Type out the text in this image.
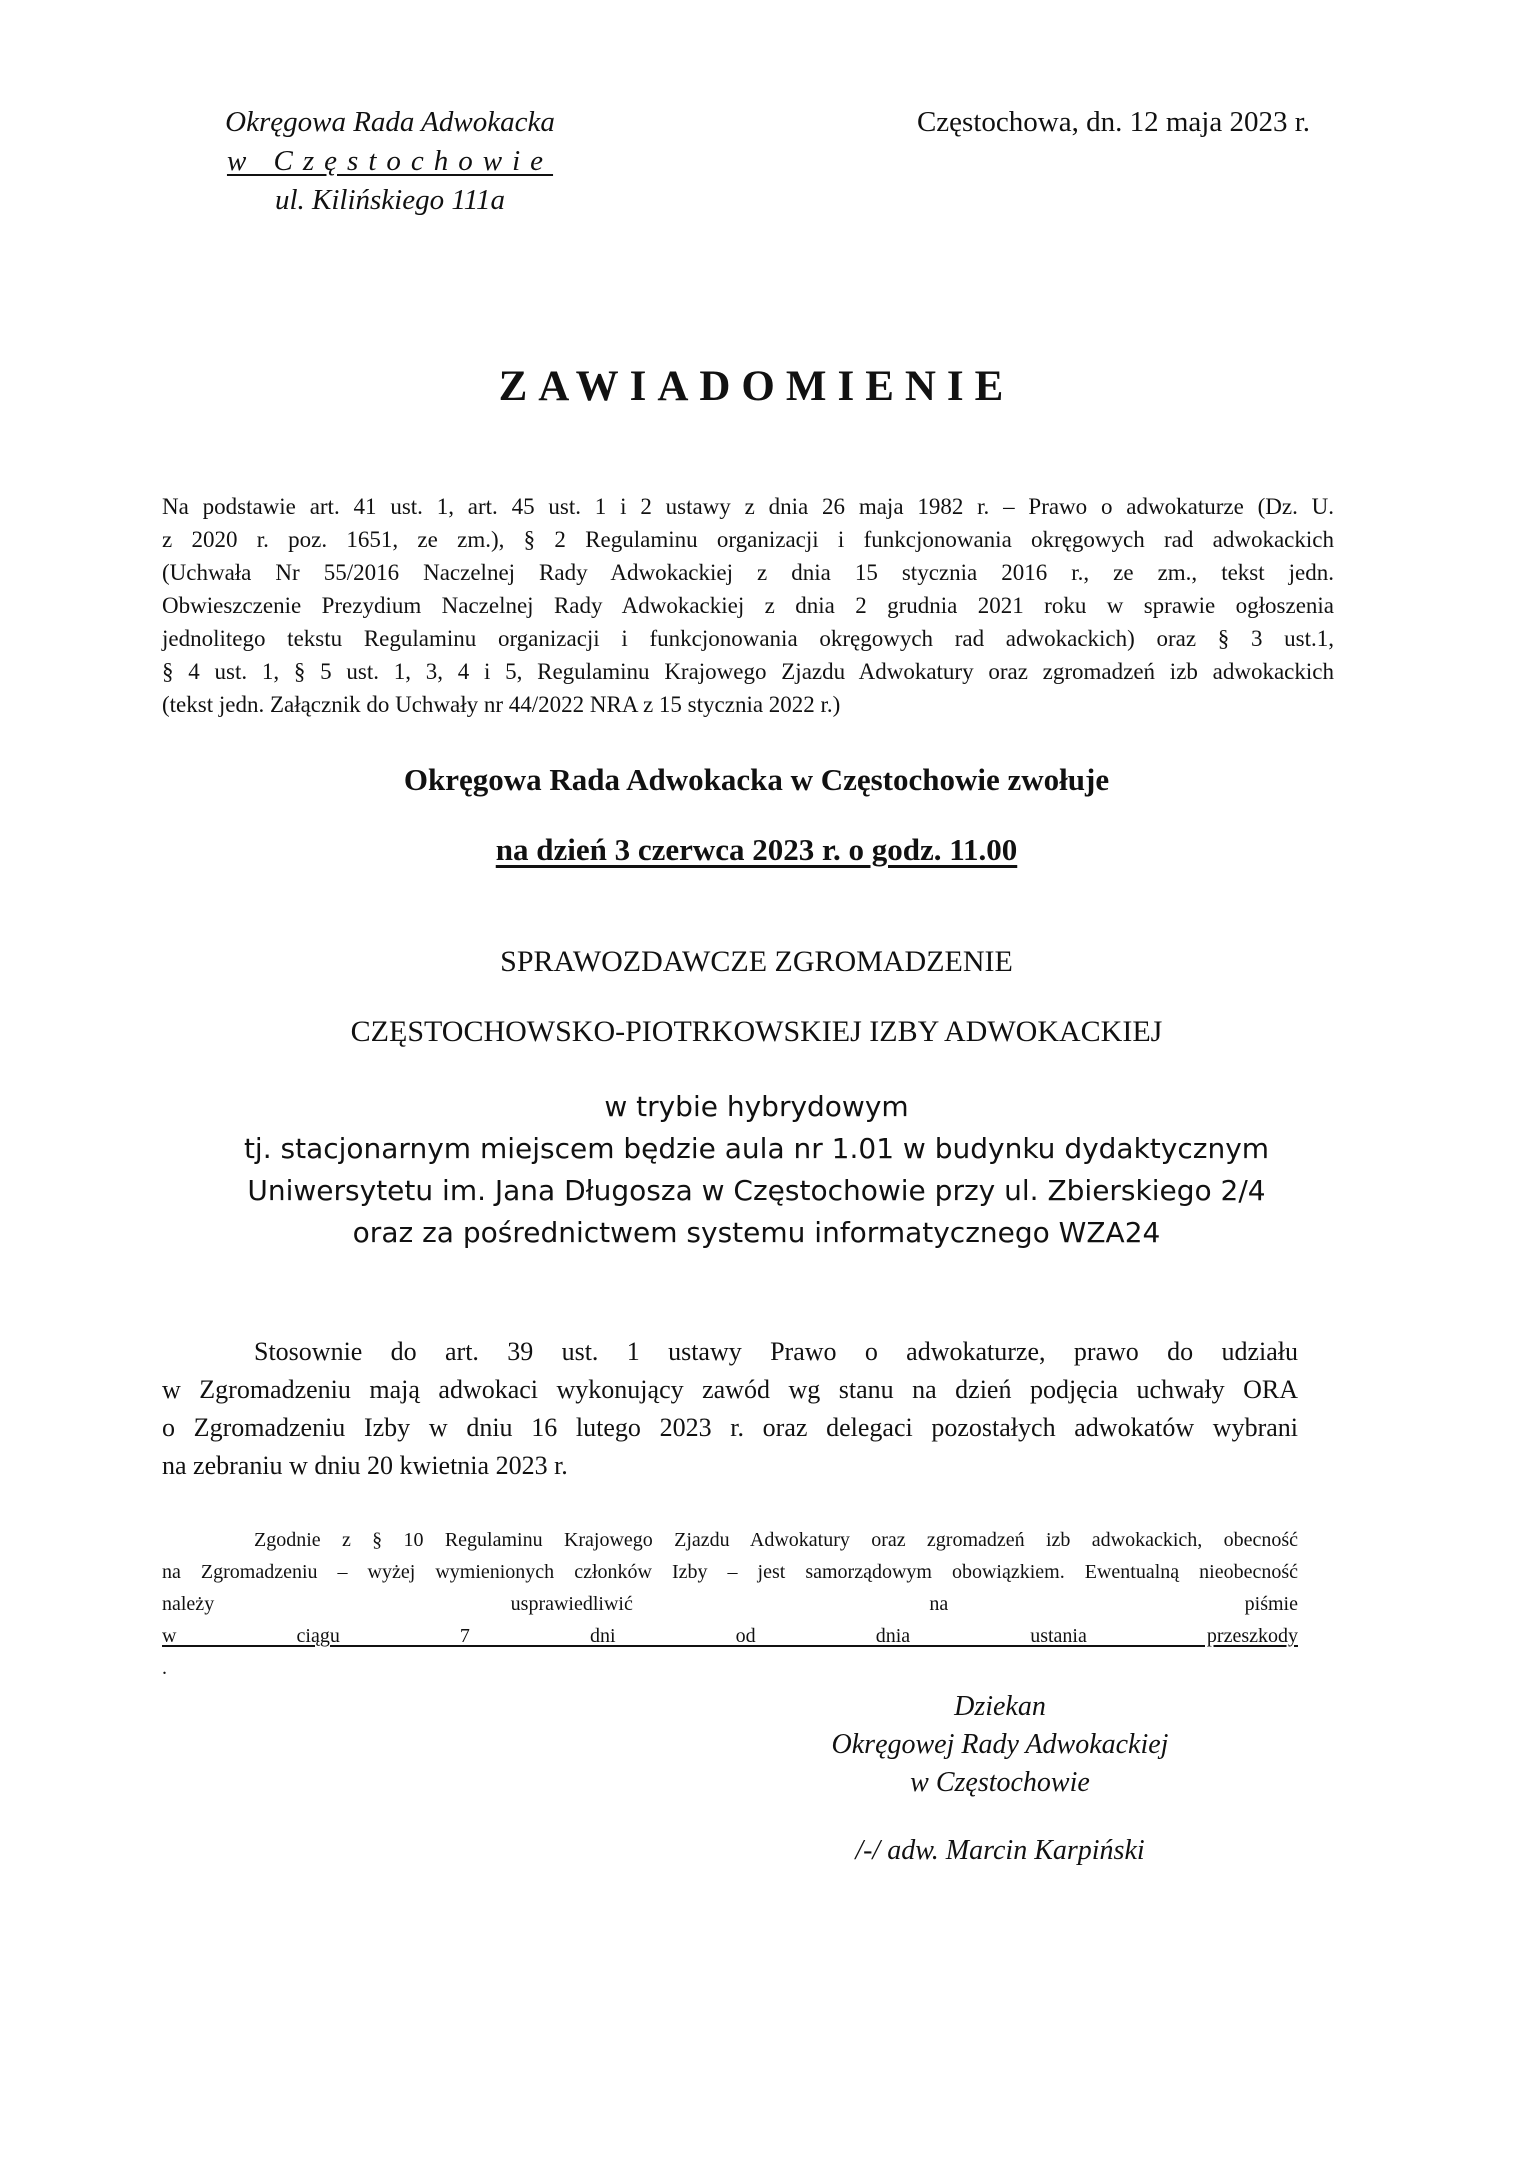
Okręgowa Rada Adwokacka
w Częstochowie
ul. Kilińskiego 111a
Częstochowa, dn. 12 maja 2023 r.
ZAWIADOMIENIE
Na podstawie art. 41 ust. 1, art. 45 ust. 1 i 2 ustawy z dnia 26 maja 1982 r. – Prawo o adwokaturze (Dz. U.
z 2020 r. poz. 1651, ze zm.), § 2 Regulaminu organizacji i funkcjonowania okręgowych rad adwokackich
(Uchwała Nr 55/2016 Naczelnej Rady Adwokackiej z dnia 15 stycznia 2016 r., ze zm., tekst jedn.
Obwieszczenie Prezydium Naczelnej Rady Adwokackiej z dnia 2 grudnia 2021 roku w sprawie ogłoszenia
jednolitego tekstu Regulaminu organizacji i funkcjonowania okręgowych rad adwokackich) oraz § 3 ust.1,
§ 4 ust. 1, § 5 ust. 1, 3, 4 i 5, Regulaminu Krajowego Zjazdu Adwokatury oraz zgromadzeń izb adwokackich
(tekst jedn. Załącznik do Uchwały nr 44/2022 NRA z 15 stycznia 2022 r.)
Okręgowa Rada Adwokacka w Częstochowie zwołuje
na dzień 3 czerwca 2023 r. o godz. 11.00
SPRAWOZDAWCZE ZGROMADZENIE
CZĘSTOCHOWSKO-PIOTRKOWSKIEJ IZBY ADWOKACKIEJ
w trybie hybrydowym
tj. stacjonarnym miejscem będzie aula nr 1.01 w budynku dydaktycznym
Uniwersytetu im. Jana Długosza w Częstochowie przy ul. Zbierskiego 2/4
oraz za pośrednictwem systemu informatycznego WZA24
Stosownie do art. 39 ust. 1 ustawy Prawo o adwokaturze, prawo do udziału
w Zgromadzeniu mają adwokaci wykonujący zawód wg stanu na dzień podjęcia uchwały ORA
o Zgromadzeniu Izby w dniu 16 lutego 2023 r. oraz delegaci pozostałych adwokatów wybrani
na zebraniu w dniu 20 kwietnia 2023 r.
Zgodnie z § 10 Regulaminu Krajowego Zjazdu Adwokatury oraz zgromadzeń izb adwokackich, obecność
na Zgromadzeniu – wyżej wymienionych członków Izby – jest samorządowym obowiązkiem. Ewentualną nieobecność
należy usprawiedliwić na piśmie
w ciągu 7 dni od dnia ustania przeszkody
.
Dziekan
Okręgowej Rady Adwokackiej
w Częstochowie
/-/ adw. Marcin Karpiński
